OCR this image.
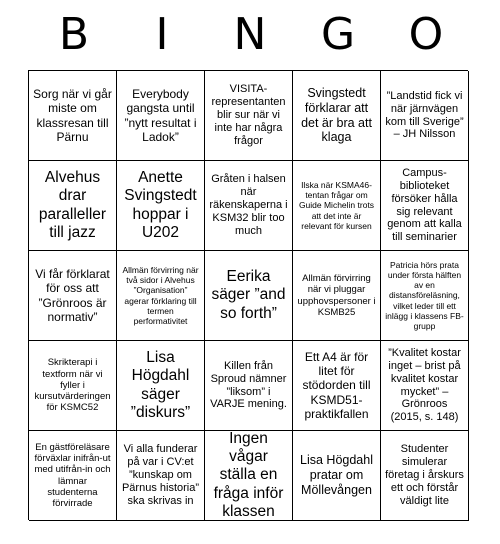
B	I	N	G O
Sorg när vi går miste om klassresan till Pärnu
Everybody gangsta until ”nytt resultat i Ladok”
VISITA-representanten blir sur när vi inte har några frågor
Svingstedt förklarar att det är bra att klaga
”Landstid fick vi när järnvägen kom till Sverige” – JH Nilsson
Alvehus drar paralleller till jazz
Anette Svingstedt hoppar i U202
Gråten i halsen när räkenskaperna i KSM32 blir too much
Ilska när KSMA46-tentan frågar om Guide Michelin trots att det inte är relevant för kursen
Campus-biblioteket försöker hålla sig relevant genom att kalla till seminarier
Vi får förklarat för oss att ”Grönroos är normativ”
Allmän förvirring när två sidor i Alvehus ”Organisation” agerar förklaring till termen performativitet
Eerika säger ”and so forth”
Allmän förvirring när vi pluggar upphovspersoner i KSMB25
Patricia hörs prata under första hälften av en distansföreläsning, vilket leder till ett inlägg i klassens FB-grupp
Skrikterapi i textform när vi fyller i kursutvärderingen för KSMC52
Lisa Högdahl säger ”diskurs”
Killen från Sproud nämner ”liksom” i VARJE mening.
Ett A4 är för litet för stödorden till KSMD51-praktikfallen
”Kvalitet kostar inget – brist på kvalitet kostar mycket” – Grönroos (2015, s. 148)
En gästföreläsare förväxlar inifrån-ut med utifrån-in och lämnar studenterna förvirrade
Vi alla funderar på var i CV:et ”kunskap om Pärnus historia” ska skrivas in
Ingen vågar ställa en fråga inför klassen
Lisa Högdahl pratar om Möllevången
Studenter simulerar företag i årskurs ett och förstår väldigt lite
